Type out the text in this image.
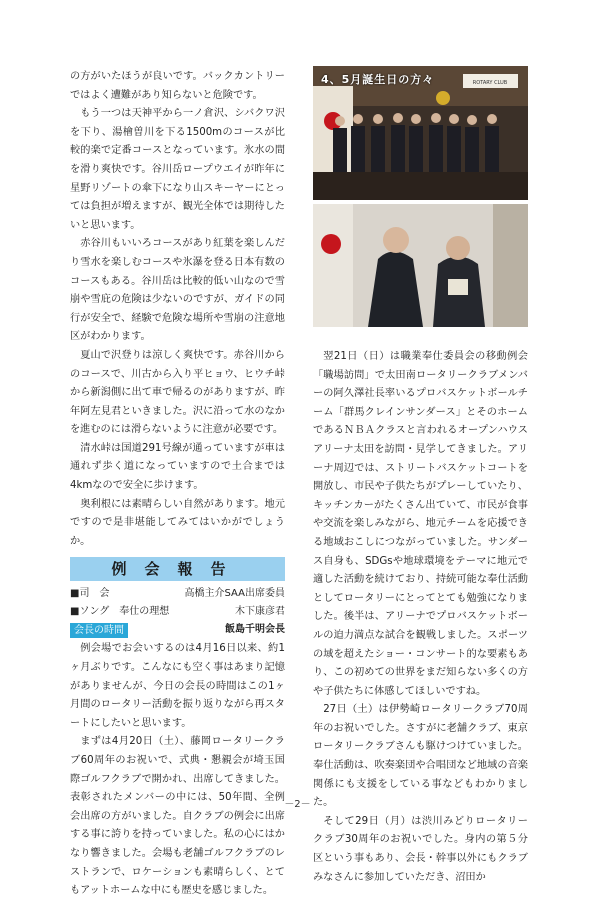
の方がいたほうが良いです。バックカントリーではよく遭難があり知らないと危険です。

もう一つは天神平から一ノ倉沢、シバクワ沢を下り、湯檜曽川を下る1500mのコースが比較的楽で定番コースとなっています。氷水の間を滑り爽快です。谷川岳ロープウエイが昨年に星野リゾートの傘下になり山スキーヤーにとっては負担が増えますが、観光全体では期待したいと思います。

赤谷川もいいろコースがあり紅葉を楽しんだり雪水を楽しむコースや氷瀑を登る日本有数のコースもある。谷川岳は比較的低い山なので雪崩や雪庇の危険は少ないのですが、ガイドの同行が安全で、経験で危険な場所や雪崩の注意地区がわかります。

夏山で沢登りは涼しく爽快です。赤谷川からのコースで、川古から入り平ヒョウ、ヒウチ峠から新潟側に出て車で帰るのがありますが、昨年阿左見君といきました。沢に沿って水のなかを進むのには滑らないように注意が必要です。

清水峠は国道291号線が通っていますが車は通れず歩く道になっていますので土合までは4kmなので安全に歩けます。

奥利根には素晴らしい自然があります。地元ですので是非堪能してみてはいかがでしょうか。

例会報告
■司　会	高橋主介SAA出席委員
■ソング　奉仕の理想	木下康彦君
会長の時間	飯島千明会長

例会場でお会いするのは4月16日以来、約1ヶ月ぶりです。こんなにも空く事はあまり記憶がありませんが、今日の会長の時間はこの1ヶ月間のロータリー活動を振り返りながら再スタートにしたいと思います。

まずは4月20日（土）、藤岡ロータリークラブ60周年のお祝いで、式典・懇親会が埼玉国際ゴルフクラブで開かれ、出席してきました。表彰されたメンバーの中には、50年間、全例会出席の方がいました。自クラブの例会に出席する事に誇りを持っていました。私の心にはかなり響きました。会場も老舗ゴルフクラブのレストランで、ロケーションも素晴らしく、とてもアットホームな中にも歴史を感じました。

ROTARY CLUB
4、5月誕生日の方々

翌21日（日）は職業奉仕委員会の移動例会「職場訪問」で太田南ロータリークラブメンバーの阿久澤社長率いるプロバスケットボールチーム「群馬クレインサンダース」とそのホームであるＮＢＡクラスと言われるオープンハウスアリーナ太田を訪問・見学してきました。アリーナ周辺では、ストリートバスケットコートを開放し、市民や子供たちがプレーしていたり、キッチンカーがたくさん出ていて、市民が食事や交流を楽しみながら、地元チームを応援できる地域おこしにつながっていました。サンダース自身も、SDGsや地球環境をテーマに地元で適した活動を続けており、持続可能な奉仕活動としてロータリーにとってとても勉強になりました。後半は、アリーナでプロバスケットボールの迫力満点な試合を観戦しました。スポーツの域を超えたショー・コンサート的な要素もあり、この初めての世界をまだ知らない多くの方や子供たちに体感してほしいですね。

27日（土）は伊勢崎ロータリークラブ70周年のお祝いでした。さすがに老舗クラブ、東京ロータリークラブさんも駆けつけていました。奉仕活動は、吹奏楽団や合唱団など地域の音楽関係にも支援をしている事などもわかりました。

そして29日（月）は渋川みどりロータリークラブ30周年のお祝いでした。身内の第５分区という事もあり、会長・幹事以外にもクラブみなさんに参加していただき、沼田か

－2－
